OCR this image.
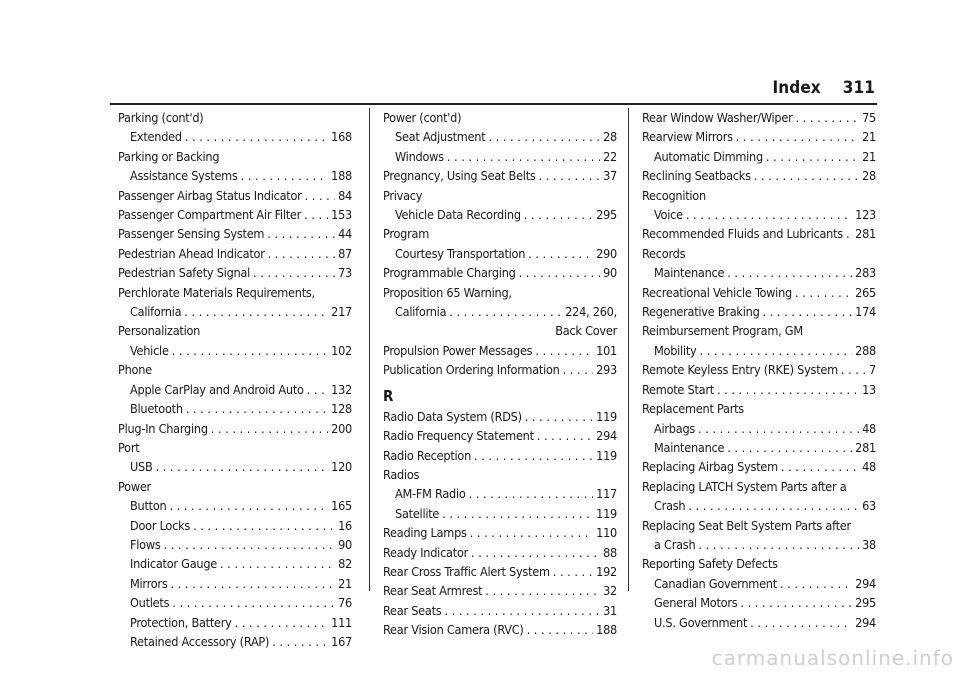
Index 311
Parking (cont'd)
Extended . . .	168
Parking or Backing
Assistance Systems . . .	188
Passenger Airbag Status Indicator . . .	84
Passenger Compartment Air Filter . . . 153
Passenger Sensing System . . .	44
Pedestrian Ahead Indicator . . .	87
Pedestrian Safety Signal . . .	73
Perchlorate Materials Requirements,
California . . .	217
Personalization
Vehicle . . .	102
Phone
Apple CarPlay and Android Auto . . . 132
Bluetooth . . .	128
Plug-In Charging . . .	200
Port
USB . . .	120
Power
Button . . .	165
Door Locks . . .	16
Flows . . .	90
Indicator Gauge . . .	82
Mirrors . . .	21
Outlets . . .	76
Protection, Battery . . .	111
Retained Accessory (RAP) . . .	167
Power (cont'd)
Seat Adjustment . . .	28
Windows . . .	22
Pregnancy, Using Seat Belts . . .	37
Privacy
Vehicle Data Recording . . .	295
Program
Courtesy Transportation . . .	290
Programmable Charging . . .	90
Proposition 65 Warning,
California . . .	224, 260,
Back Cover
Propulsion Power Messages . . .	101
Publication Ordering Information . . .	293
R
Radio Data System (RDS) . . .	119
Radio Frequency Statement . . .	294
Radio Reception . . .	119
Radios
AM-FM Radio . . .	117
Satellite . . .	119
Reading Lamps . . .	110
Ready Indicator . . .	88
Rear Cross Traffic Alert System . . .	192
Rear Seat Armrest . . .	32
Rear Seats . . .	31
Rear Vision Camera (RVC) . . .	188
Rear Window Washer/Wiper . . .	75
Rearview Mirrors . . .	21
Automatic Dimming . . .	21
Reclining Seatbacks . . .	28
Recognition
Voice . . .	123
Recommended Fluids and Lubricants . . . 281
Records
Maintenance . . .	283
Recreational Vehicle Towing . . .	265
Regenerative Braking . . .	174
Reimbursement Program, GM
Mobility . . .	288
Remote Keyless Entry (RKE) System . . . 7
Remote Start . . .	13
Replacement Parts
Airbags . . .	48
Maintenance . . .	281
Replacing Airbag System . . .	48
Replacing LATCH System Parts after a
Crash . . .	63
Replacing Seat Belt System Parts after
a Crash . . .	38
Reporting Safety Defects
Canadian Government . . .	294
General Motors . . .	295
U.S. Government . . .	294
carmanualsonline.info
